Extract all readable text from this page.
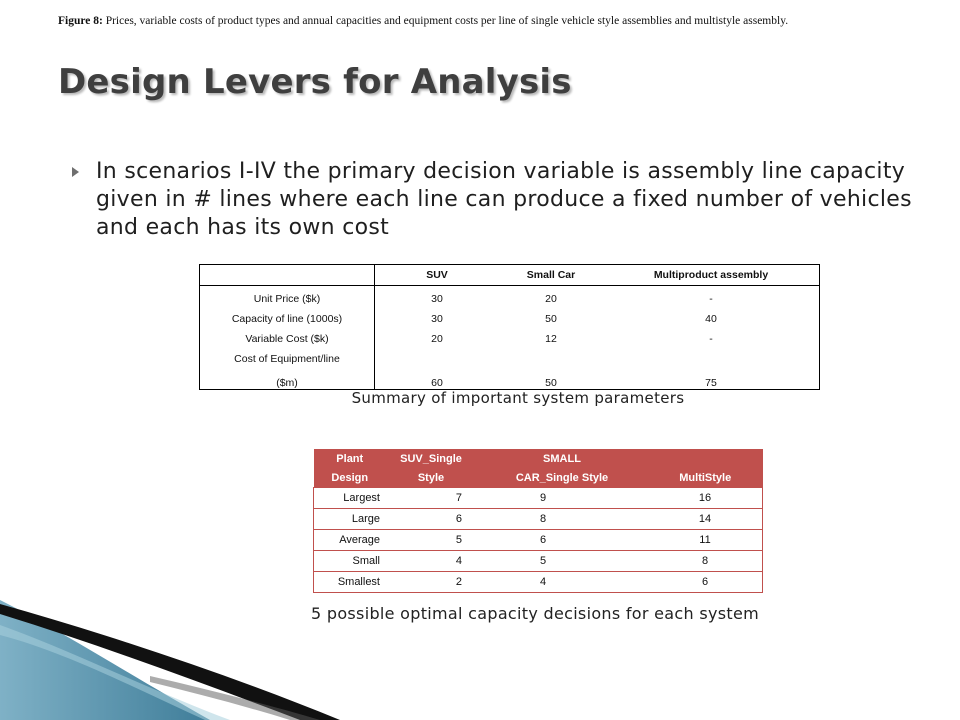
Figure 8: Prices, variable costs of product types and annual capacities and equipment costs per line of single vehicle style assemblies and multistyle assembly.
Design Levers for Analysis
In scenarios I-IV the primary decision variable is assembly line capacity given in # lines where each line can produce a fixed number of vehicles and each has its own cost
	SUV	Small Car	Multiproduct assembly
Unit Price ($k)	30	20	-
Capacity of line (1000s)	30	50	40
Variable Cost ($k)	20	12	-
Cost of Equipment/line			
($m)	60	50	75
Summary of important system parameters
Plant	SUV_Single	SMALL	
Design	Style	CAR_Single Style	MultiStyle
Largest	7	9	16
Large	6	8	14
Average	5	6	11
Small	4	5	8
Smallest	2	4	6
5 possible optimal capacity decisions for each system
